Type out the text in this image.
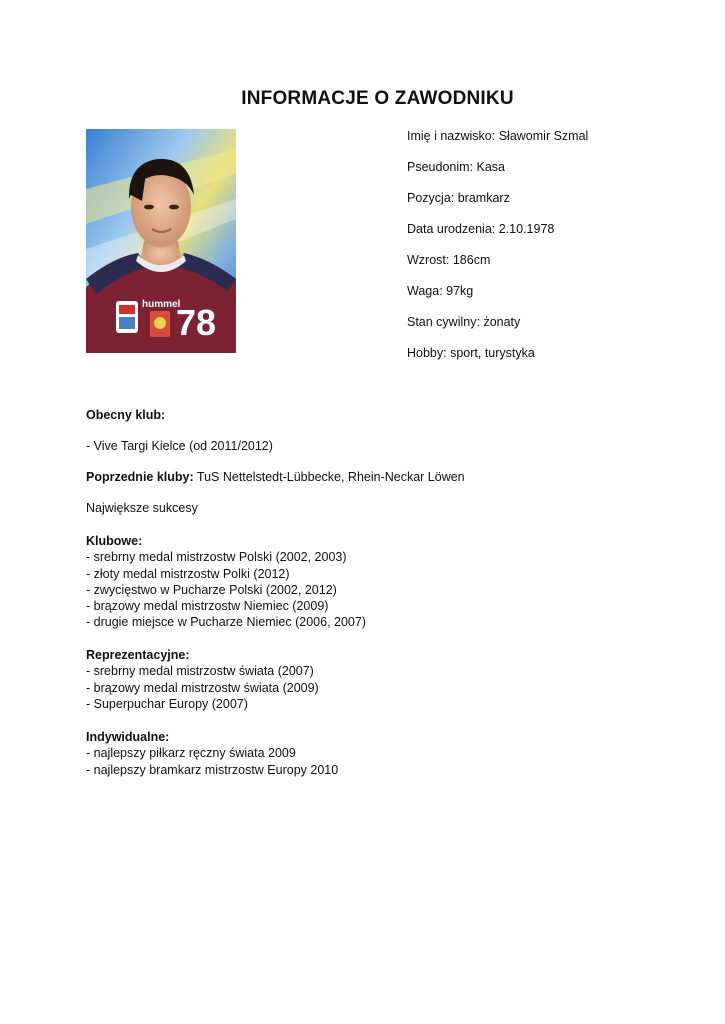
INFORMACJE O ZAWODNIKU
hummel
78
Imię i nazwisko: Sławomir Szmal
Pseudonim: Kasa
Pozycja: bramkarz
Data urodzenia: 2.10.1978
Wzrost: 186cm
Waga: 97kg
Stan cywilny: żonaty
Hobby: sport, turystyka
Obecny klub:
- Vive Targi Kielce (od 2011/2012)
Poprzednie kluby: TuS Nettelstedt-Lübbecke, Rhein-Neckar Löwen
Największe sukcesy
Klubowe:
- srebrny medal mistrzostw Polski (2002, 2003)
- złoty medal mistrzostw Polki (2012)
- zwycięstwo w Pucharze Polski (2002, 2012)
- brązowy medal mistrzostw Niemiec (2009)
- drugie miejsce w Pucharze Niemiec (2006, 2007)
Reprezentacyjne:
- srebrny medal mistrzostw świata (2007)
- brązowy medal mistrzostw świata (2009)
- Superpuchar Europy (2007)
Indywidualne:
- najlepszy piłkarz ręczny świata 2009
- najlepszy bramkarz mistrzostw Europy 2010
